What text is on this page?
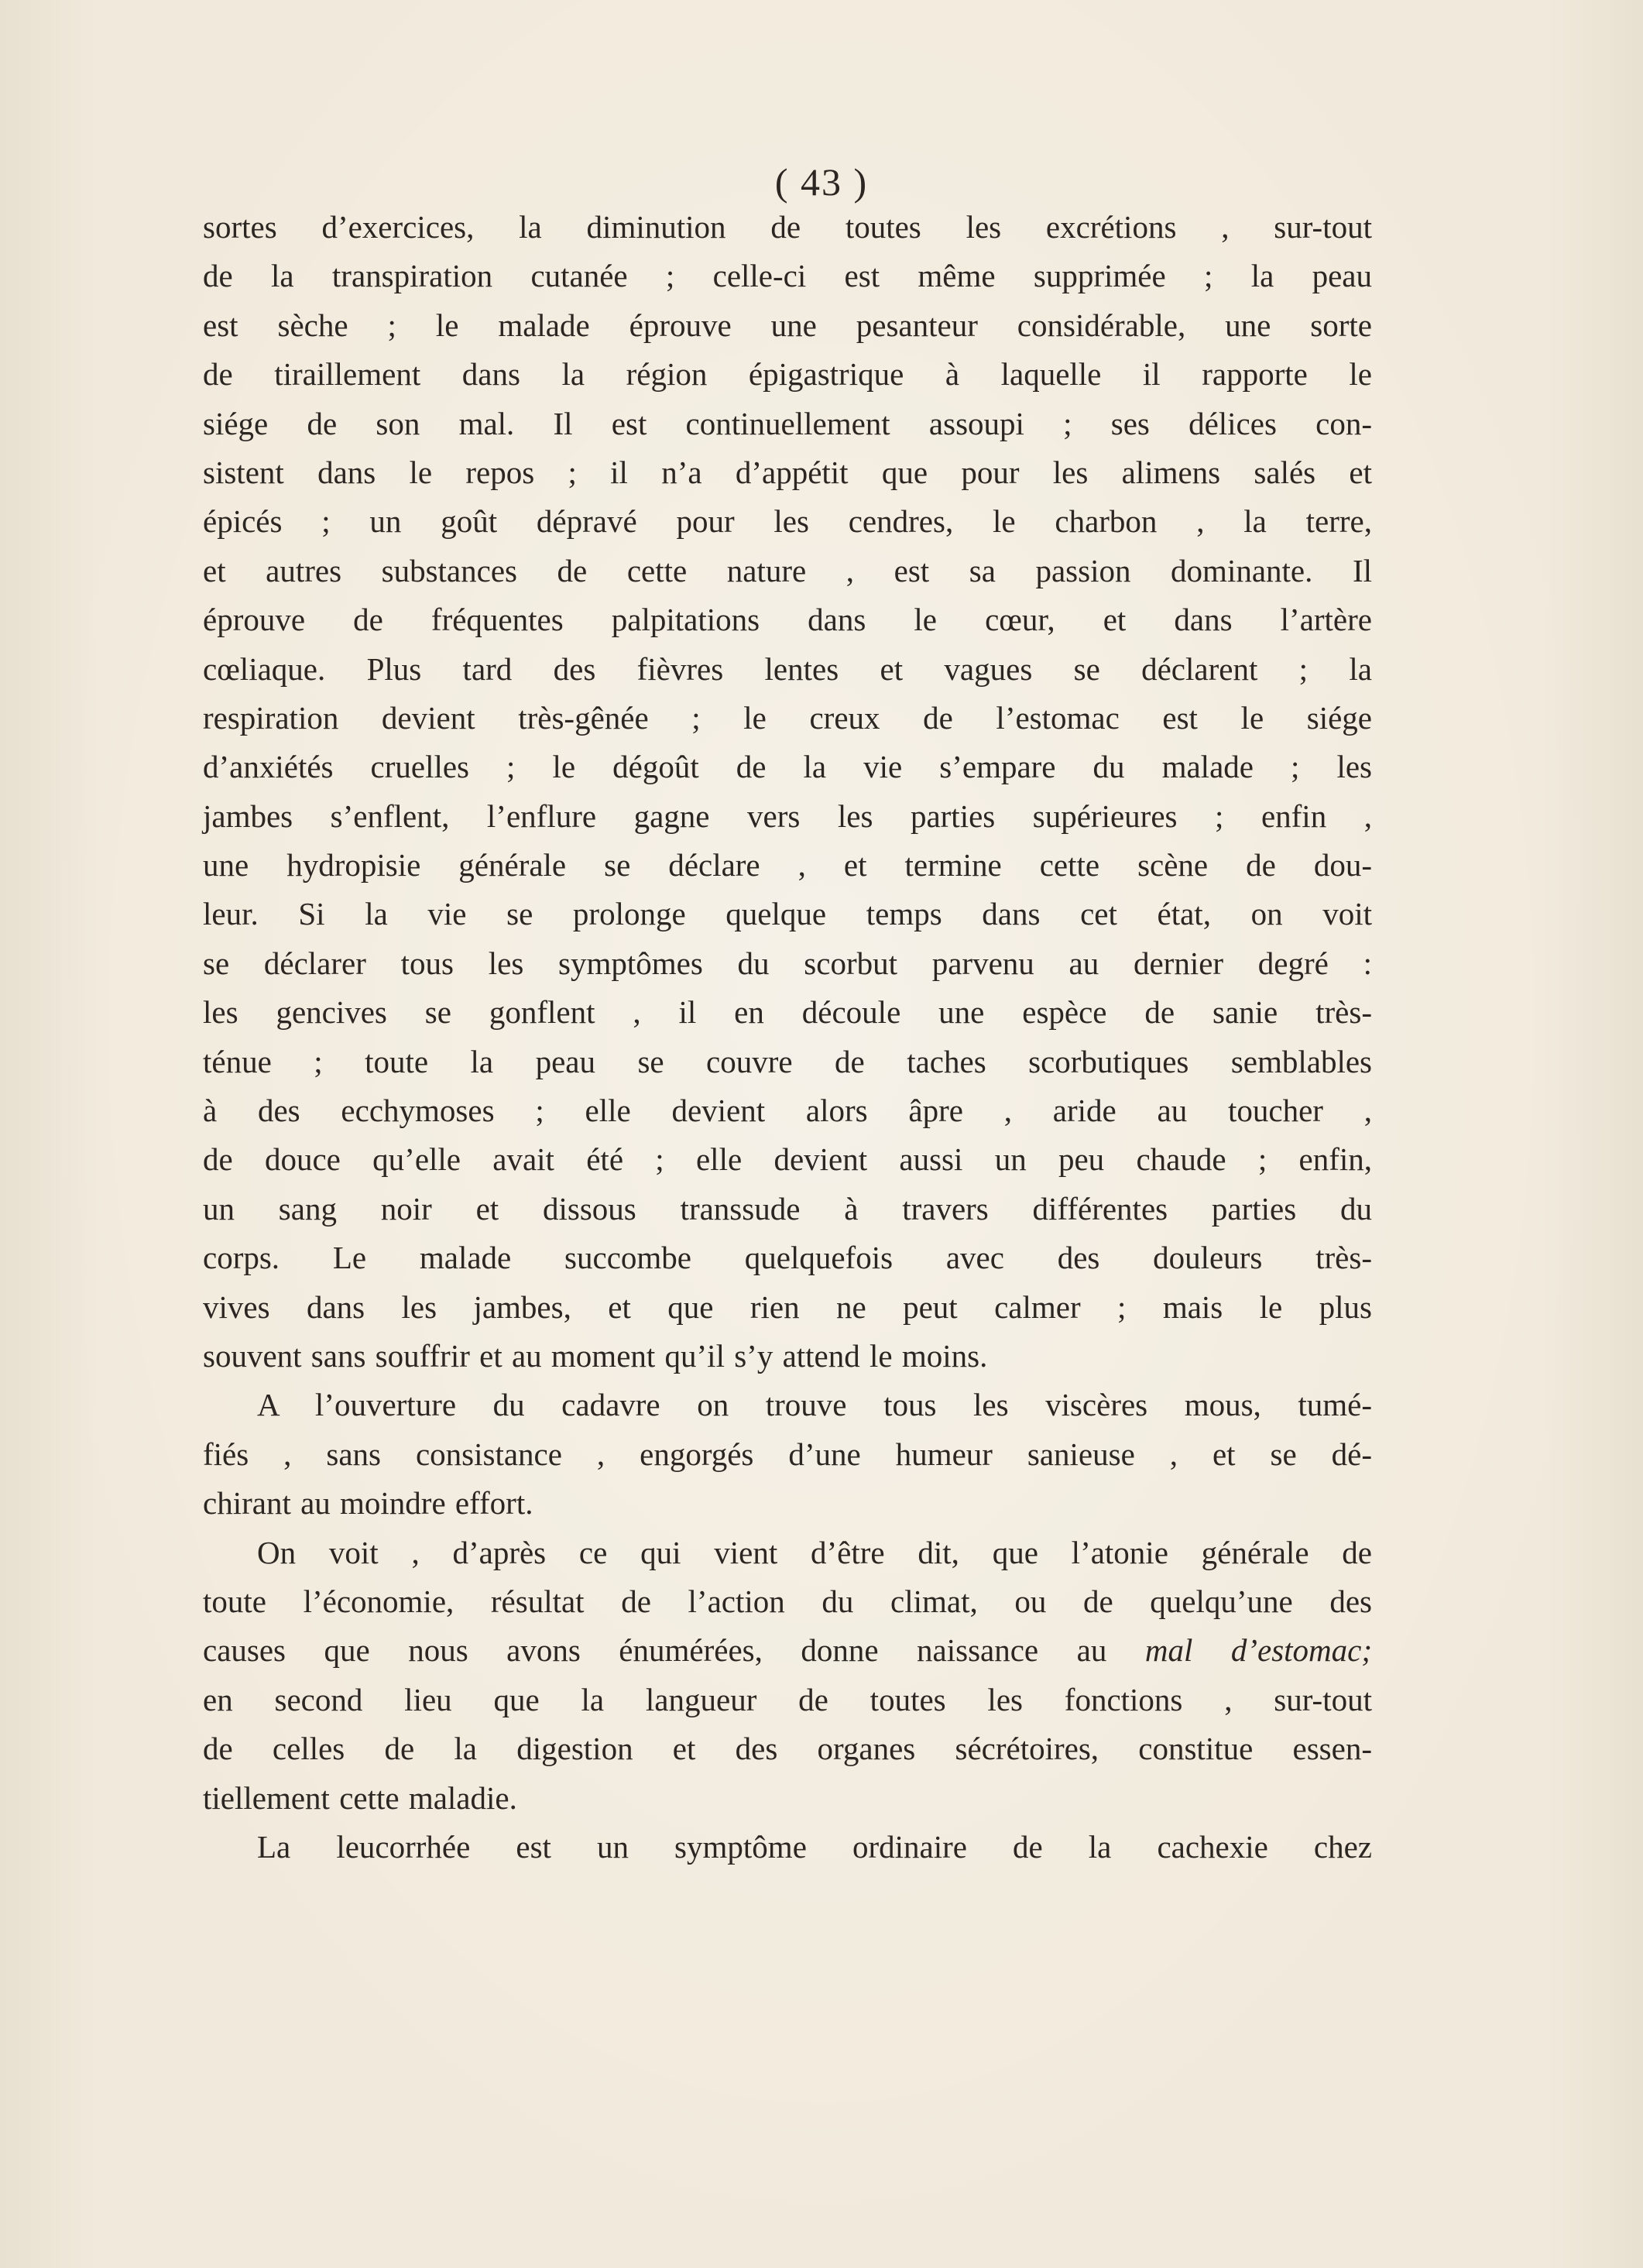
( 43 )
sortes d’exercices, la diminution de toutes les excrétions , sur-tout
de la transpiration cutanée ; celle-ci est même supprimée ; la peau
est sèche ; le malade éprouve une pesanteur considérable, une sorte
de tiraillement dans la région épigastrique à laquelle il rapporte le
siége de son mal. Il est continuellement assoupi ; ses délices con-
sistent dans le repos ; il n’a d’appétit que pour les alimens salés et
épicés ; un goût dépravé pour les cendres, le charbon , la terre,
et autres substances de cette nature , est sa passion dominante. Il
éprouve de fréquentes palpitations dans le cœur, et dans l’artère
cœliaque. Plus tard des fièvres lentes et vagues se déclarent ; la
respiration devient très-gênée ; le creux de l’estomac est le siége
d’anxiétés cruelles ; le dégoût de la vie s’empare du malade ; les
jambes s’enflent, l’enflure gagne vers les parties supérieures ; enfin ,
une hydropisie générale se déclare , et termine cette scène de dou-
leur. Si la vie se prolonge quelque temps dans cet état, on voit
se déclarer tous les symptômes du scorbut parvenu au dernier degré :
les gencives se gonflent , il en découle une espèce de sanie très-
ténue ; toute la peau se couvre de taches scorbutiques semblables
à des ecchymoses ; elle devient alors âpre , aride au toucher ,
de douce qu’elle avait été ; elle devient aussi un peu chaude ; enfin,
un sang noir et dissous transsude à travers différentes parties du
corps. Le malade succombe quelquefois avec des douleurs très-
vives dans les jambes, et que rien ne peut calmer ; mais le plus
souvent sans souffrir et au moment qu’il s’y attend le moins.
A l’ouverture du cadavre on trouve tous les viscères mous, tumé-
fiés , sans consistance , engorgés d’une humeur sanieuse , et se dé-
chirant au moindre effort.
On voit , d’après ce qui vient d’être dit, que l’atonie générale de
toute l’économie, résultat de l’action du climat, ou de quelqu’une des
causes que nous avons énumérées, donne naissance au mal d’estomac;
en second lieu que la langueur de toutes les fonctions , sur-tout
de celles de la digestion et des organes sécrétoires, constitue essen-
tiellement cette maladie.
La leucorrhée est un symptôme ordinaire de la cachexie chez
